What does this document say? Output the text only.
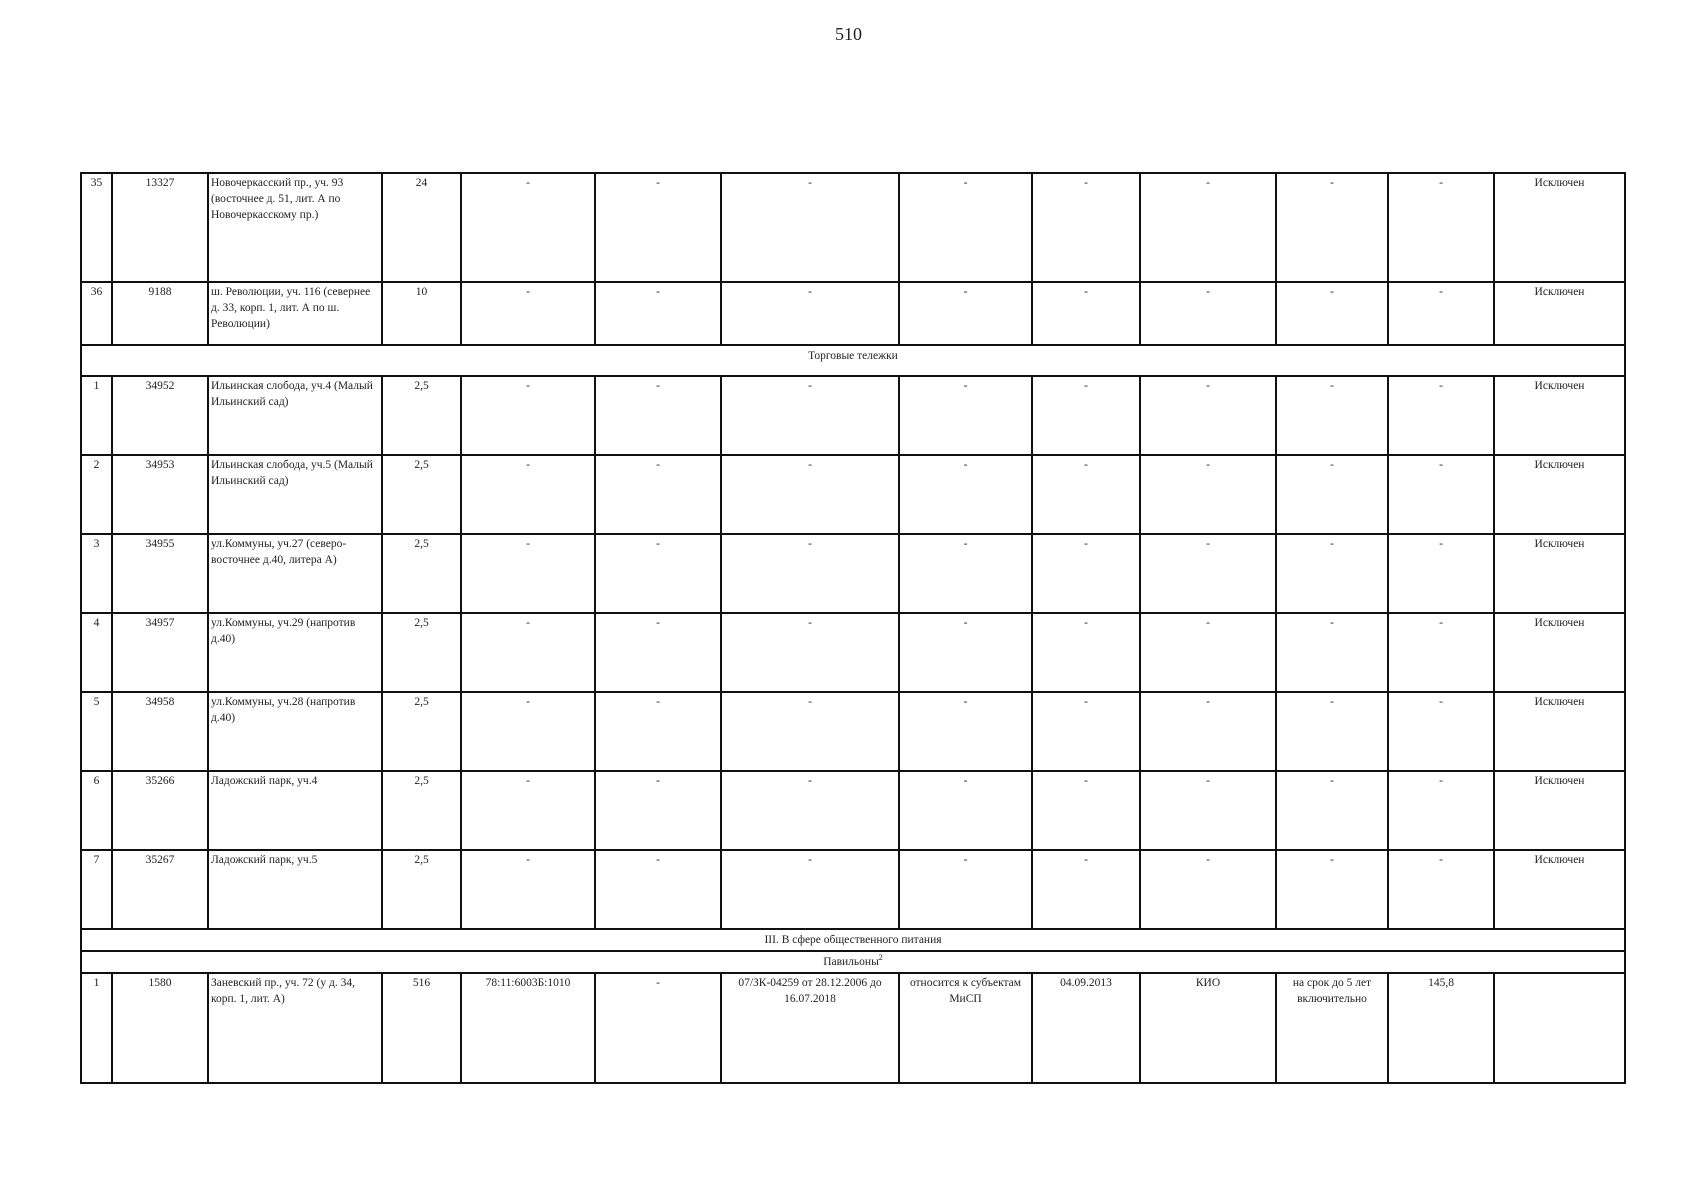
510
35	13327	Новочеркасский пр., уч. 93 (восточнее д. 51, лит. А по Новочеркасскому пр.)	24	-	-	-	-	-	-	-	-	Исключен
36	9188	ш. Революции, уч. 116 (севернее д. 33, корп. 1, лит. А по ш. Революции)	10	-	-	-	-	-	-	-	-	Исключен
Торговые тележки												
1	34952	Ильинская слобода, уч.4 (Малый Ильинский сад)	2,5	-	-	-	-	-	-	-	-	Исключен
2	34953	Ильинская слобода, уч.5 (Малый Ильинский сад)	2,5	-	-	-	-	-	-	-	-	Исключен
3	34955	ул.Коммуны, уч.27 (северо-восточнее д.40, литера А)	2,5	-	-	-	-	-	-	-	-	Исключен
4	34957	ул.Коммуны, уч.29 (напротив д.40)	2,5	-	-	-	-	-	-	-	-	Исключен
5	34958	ул.Коммуны, уч.28 (напротив д.40)	2,5	-	-	-	-	-	-	-	-	Исключен
6	35266	Ладожский парк, уч.4	2,5	-	-	-	-	-	-	-	-	Исключен
7	35267	Ладожский парк, уч.5	2,5	-	-	-	-	-	-	-	-	Исключен
III. В сфере общественного питания												
Павильоны$^2$
1	1580	Заневский пр., уч. 72 (у д. 34, корп. 1, лит. А)	516	78:11:6003Б:1010	-	07/ЗК-04259 от 28.12.2006 до 16.07.2018	относится к субъектам МиСП	04.09.2013	КИО	на срок до 5 лет включительно	145,8	
